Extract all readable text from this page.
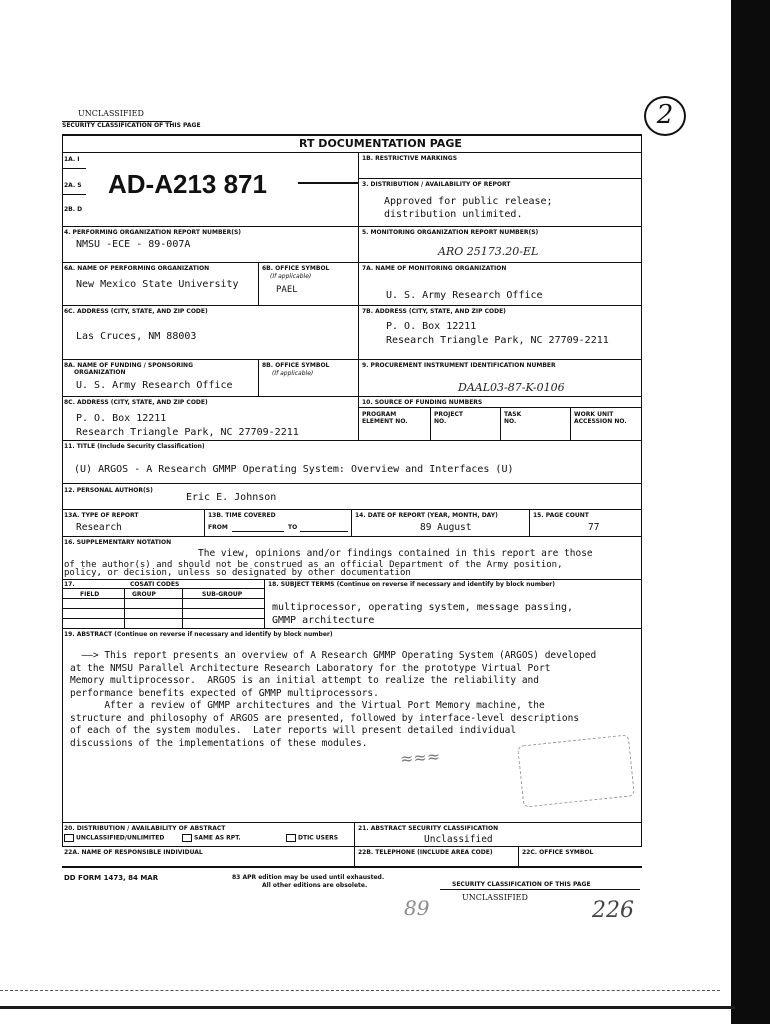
UNCLASSIFIED
SECURITY CLASSIFICATION OF THIS PAGE	2
RT DOCUMENTATION PAGE
1A. I
2A. S
2B. D
AD-A213 871
1B. RESTRICTIVE MARKINGS
3. DISTRIBUTION / AVAILABILITY OF REPORT
Approved for public release;
distribution unlimited.
4. PERFORMING ORGANIZATION REPORT NUMBER(S)
NMSU -ECE - 89-007A
5. MONITORING ORGANIZATION REPORT NUMBER(S)
ARO 25173.20-EL
6A. NAME OF PERFORMING ORGANIZATION
New Mexico State University
6B. OFFICE SYMBOL
(If applicable)
PAEL
7A. NAME OF MONITORING ORGANIZATION
U. S. Army Research Office
6C. ADDRESS (CITY, STATE, AND ZIP CODE)
Las Cruces, NM 88003
7B. ADDRESS (CITY, STATE, AND ZIP CODE)
P. O. Box 12211
Research Triangle Park, NC 27709-2211
8A. NAME OF FUNDING / SPONSORING
ORGANIZATION
U. S. Army Research Office
8B. OFFICE SYMBOL
(If applicable)
9. PROCUREMENT INSTRUMENT IDENTIFICATION NUMBER
DAAL03-87-K-0106
8C. ADDRESS (CITY, STATE, AND ZIP CODE)
P. O. Box 12211
Research Triangle Park, NC 27709-2211
10. SOURCE OF FUNDING NUMBERS
PROGRAM
ELEMENT NO.
PROJECT
NO.
TASK
NO.
WORK UNIT
ACCESSION NO.
11. TITLE (Include Security Classification)
(U) ARGOS - A Research GMMP Operating System: Overview and Interfaces (U)
12. PERSONAL AUTHOR(S)
Eric E. Johnson
13A. TYPE OF REPORT
Research
13B. TIME COVERED
FROM	TO
14. DATE OF REPORT (YEAR, MONTH, DAY)
89 August
15. PAGE COUNT
77
16. SUPPLEMENTARY NOTATION
The view, opinions and/or findings contained in this report are those
of the author(s) and should not be construed as an official Department of the Army position,
policy, or decision, unless so designated by other documentation
17.	COSATI CODES
FIELD	GROUP	SUB-GROUP
18. SUBJECT TERMS (Continue on reverse if necessary and identify by block number)
multiprocessor, operating system, message passing,
GMMP architecture
19. ABSTRACT (Continue on reverse if necessary and identify by block number)
——> This report presents an overview of A Research GMMP Operating System (ARGOS) developed
at the NMSU Parallel Architecture Research Laboratory for the prototype Virtual Port
Memory multiprocessor.  ARGOS is an initial attempt to realize the reliability and
performance benefits expected of GMMP multiprocessors.
After a review of GMMP architectures and the Virtual Port Memory machine, the
structure and philosophy of ARGOS are presented, followed by interface-level descriptions
of each of the system modules.  Later reports will present detailed individual
discussions of the implementations of these modules.
≈≈≈
20. DISTRIBUTION / AVAILABILITY OF ABSTRACT
UNCLASSIFIED/UNLIMITED	SAME AS RPT.	DTIC USERS
21. ABSTRACT SECURITY CLASSIFICATION
Unclassified
22A. NAME OF RESPONSIBLE INDIVIDUAL	22B. TELEPHONE (INCLUDE AREA CODE)	22C. OFFICE SYMBOL
DD FORM 1473, 84 MAR	83 APR edition may be used until exhausted.
All other editions are obsolete.	SECURITY CLASSIFICATION OF THIS PAGE
UNCLASSIFIED
89	226
